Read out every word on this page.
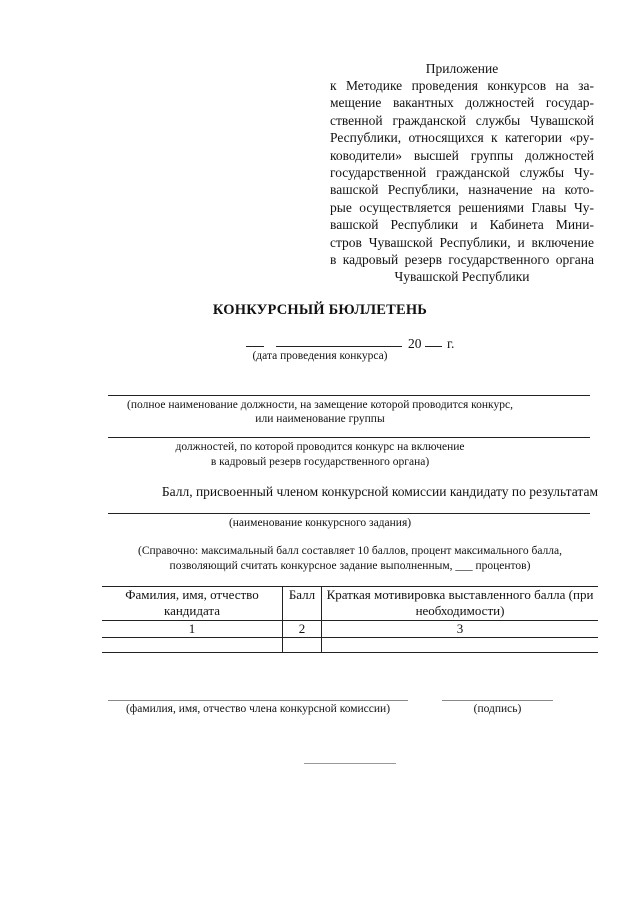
Приложение
к Методике проведения конкурсов на за-
мещение вакантных должностей государ-
ственной гражданской службы Чувашской
Республики, относящихся к категории «ру-
ководители» высшей группы должностей
государственной гражданской службы Чу-
вашской Республики, назначение на кото-
рые осуществляется решениями Главы Чу-
вашской Республики и Кабинета Мини-
стров Чувашской Республики, и включение
в кадровый резерв государственного органа
Чувашской Республики
КОНКУРСНЫЙ БЮЛЛЕТЕНЬ
20 г.
(дата проведения конкурса)
(полное наименование должности, на замещение которой проводится конкурс,
или наименование группы
должностей, по которой проводится конкурс на включение
в кадровый резерв государственного органа)
Балл, присвоенный членом конкурсной комиссии кандидату по результатам
(наименование конкурсного задания)
(Справочно: максимальный балл составляет 10 баллов, процент максимального балла,
позволяющий считать конкурсное задание выполненным, ___ процентов)
Фамилия, имя, отчество кандидата	Балл	Краткая мотивировка выставленного балла (при необходимости)
1	2	3

(фамилия, имя, отчество члена конкурсной комиссии)	(подпись)
